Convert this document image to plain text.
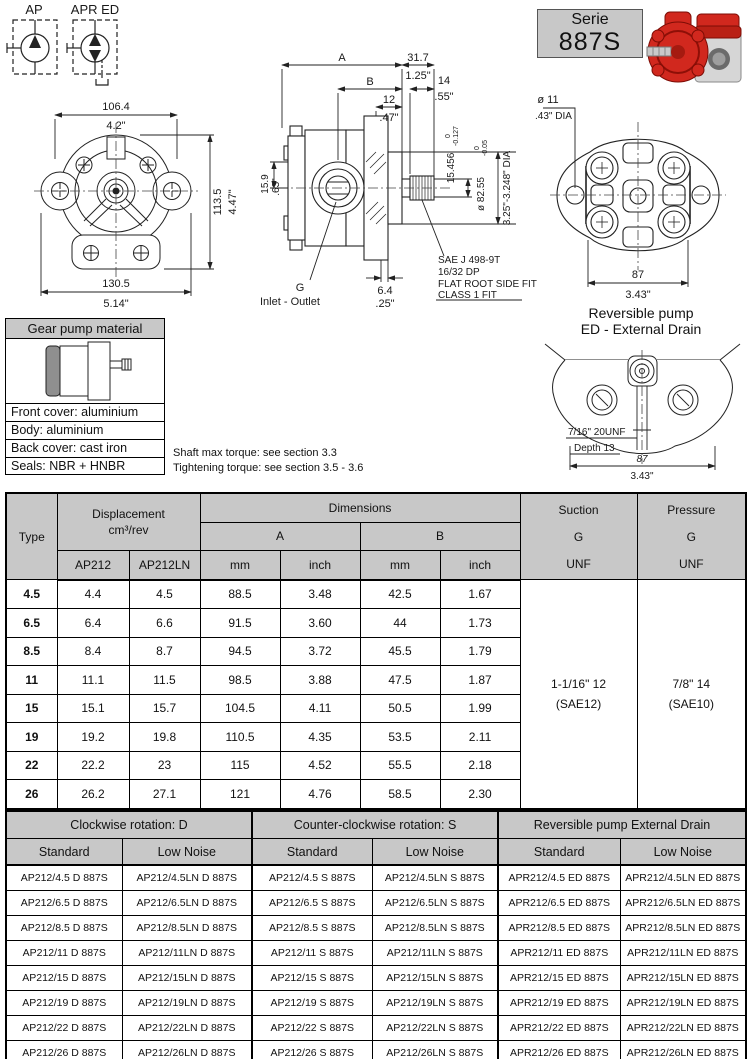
AP APR ED
Serie
887S
106.4
4.2"
113.5 4.47"
130.5
5.14"
A	31.7
1.25"
B	14
.55"
12
.47"
15.9 .63"
0 -0.127
15.456
0 -0.05
ø 82.55 3.25"-3.248" DIA
6.4
.25"
G
Inlet - Outlet
SAE J 498-9T
16/32 DP
FLAT ROOT SIDE FIT
CLASS 1 FIT
ø 11
.43" DIA
87
3.43"
Reversible pump
ED - External Drain
7/16" 20UNF
Depth 13
87
3.43"
Gear pump material
Front cover: aluminium
Body: aluminium
Back cover: cast iron
Seals: NBR + HNBR
Shaft max torque: see section 3.3
Tightening torque: see section 3.5 - 3.6
Type	
Displacement
cm³/rev
	Dimensions	Suction
G
UNF

Pressure
G
UNF

			A		B			
	AP212	AP212LN	mm	inch	mm	inch		
4.5	4.4	4.5	88.5	3.48	42.5	1.67	
1-1/16" 12
(SAE12)

7/8" 14
(SAE10)

6.5	6.4	6.6	91.5	3.60	44	1.73		
8.5	8.4	8.7	94.5	3.72	45.5	1.79		
11	11.1	11.5	98.5	3.88	47.5	1.87		
15	15.1	15.7	104.5	4.11	50.5	1.99		
19	19.2	19.8	110.5	4.35	53.5	2.11		
22	22.2	23	115	4.52	55.5	2.18		
26	26.2	27.1	121	4.76	58.5	2.30		
Clockwise rotation: D		Counter-clockwise rotation: S		Reversible pump External Drain	
Standard	Low Noise	Standard	Low Noise	Standard	Low Noise
AP212/4.5 D 887S	AP212/4.5LN D 887S	AP212/4.5 S 887S	AP212/4.5LN S 887S	APR212/4.5 ED 887S	APR212/4.5LN ED 887S
AP212/6.5 D 887S	AP212/6.5LN D 887S	AP212/6.5 S 887S	AP212/6.5LN S 887S	APR212/6.5 ED 887S	APR212/6.5LN ED 887S
AP212/8.5 D 887S	AP212/8.5LN D 887S	AP212/8.5 S 887S	AP212/8.5LN S 887S	APR212/8.5 ED 887S	APR212/8.5LN ED 887S
AP212/11 D 887S	AP212/11LN D 887S	AP212/11 S 887S	AP212/11LN S 887S	APR212/11 ED 887S	APR212/11LN ED 887S
AP212/15 D 887S	AP212/15LN D 887S	AP212/15 S 887S	AP212/15LN S 887S	APR212/15 ED 887S	APR212/15LN ED 887S
AP212/19 D 887S	AP212/19LN D 887S	AP212/19 S 887S	AP212/19LN S 887S	APR212/19 ED 887S	APR212/19LN ED 887S
AP212/22 D 887S	AP212/22LN D 887S	AP212/22 S 887S	AP212/22LN S 887S	APR212/22 ED 887S	APR212/22LN ED 887S
AP212/26 D 887S	AP212/26LN D 887S	AP212/26 S 887S	AP212/26LN S 887S	APR212/26 ED 887S	APR212/26LN ED 887S
